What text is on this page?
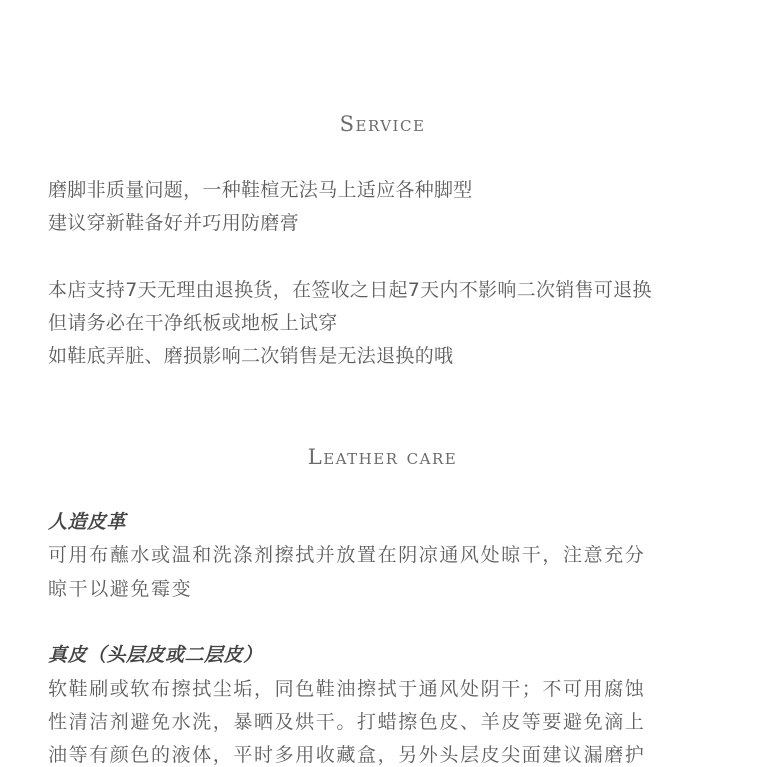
Service
磨脚非质量问题，一种鞋楦无法马上适应各种脚型
建议穿新鞋备好并巧用防磨膏
本店支持7天无理由退换货，在签收之日起7天内不影响二次销售可退换
但请务必在干净纸板或地板上试穿
如鞋底弄脏、磨损影响二次销售是无法退换的哦
Leather care
人造皮革
可用布蘸水或温和洗涤剂擦拭并放置在阴凉通风处晾干，注意充分
晾干以避免霉变
真皮（头层皮或二层皮）
软鞋刷或软布擦拭尘垢，同色鞋油擦拭于通风处阴干；不可用腐蚀
性清洁剂避免水洗，暴晒及烘干。打蜡擦色皮、羊皮等要避免滴上
油等有颜色的液体，平时多用收藏盒，另外头层皮尖面建议漏磨护
